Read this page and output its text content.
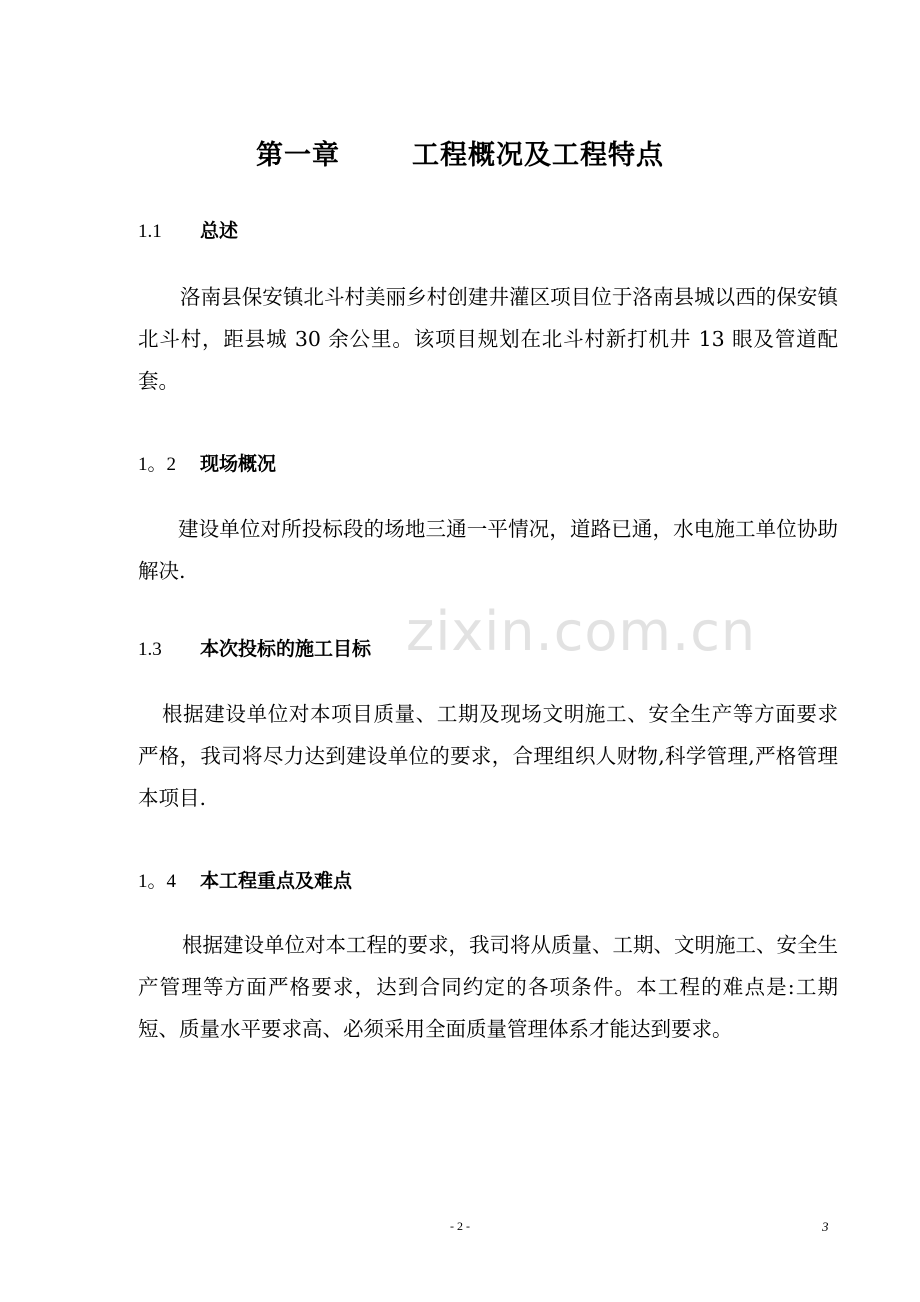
zixin.com.cn
第一章	工程概况及工程特点
1.1 总述

洛南县保安镇北斗村美丽乡村创建井灌区项目位于洛南县城以西的保安镇北斗村，距县城 30 余公里。该项目规划在北斗村新打机井 13 眼及管道配套。

1。2 现场概况

建设单位对所投标段的场地三通一平情况，道路已通，水电施工单位协助解决.

1.3 本次投标的施工目标

根据建设单位对本项目质量、工期及现场文明施工、安全生产等方面要求严格，我司将尽力达到建设单位的要求，合理组织人财物,科学管理,严格管理本项目.

1。4 本工程重点及难点

根据建设单位对本工程的要求，我司将从质量、工期、文明施工、安全生产管理等方面严格要求，达到合同约定的各项条件。本工程的难点是:工期短、质量水平要求高、必须采用全面质量管理体系才能达到要求。

- 2 -	3
